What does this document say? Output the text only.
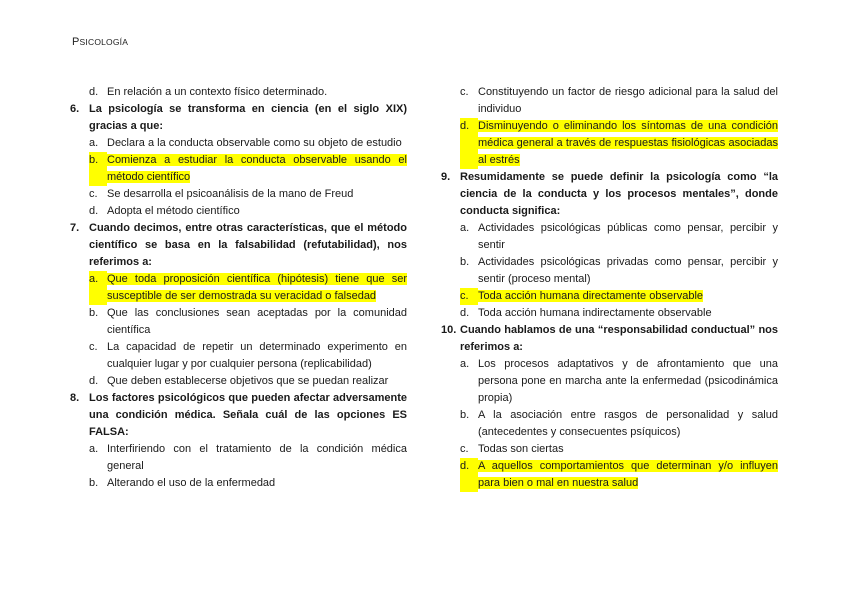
PSICOLOGÍA
d. En relación a un contexto físico determinado.
6. La psicología se transforma en ciencia (en el siglo XIX) gracias a que:
a. Declara a la conducta observable como su objeto de estudio
b. Comienza a estudiar la conducta observable usando el método científico
c. Se desarrolla el psicoanálisis de la mano de Freud
d. Adopta el método científico
7. Cuando decimos, entre otras características, que el método científico se basa en la falsabilidad (refutabilidad), nos referimos a:
a. Que toda proposición científica (hipótesis) tiene que ser susceptible de ser demostrada su veracidad o falsedad
b. Que las conclusiones sean aceptadas por la comunidad científica
c. La capacidad de repetir un determinado experimento en cualquier lugar y por cualquier persona (replicabilidad)
d. Que deben establecerse objetivos que se puedan realizar
8. Los factores psicológicos que pueden afectar adversamente una condición médica. Señala cuál de las opciones ES FALSA:
a. Interfiriendo con el tratamiento de la condición médica general
b. Alterando el uso de la enfermedad
c. Constituyendo un factor de riesgo adicional para la salud del individuo
d. Disminuyendo o eliminando los síntomas de una condición médica general a través de respuestas fisiológicas asociadas al estrés
9. Resumidamente se puede definir la psicología como “la ciencia de la conducta y los procesos mentales”, donde conducta significa:
a. Actividades psicológicas públicas como pensar, percibir y sentir
b. Actividades psicológicas privadas como pensar, percibir y sentir (proceso mental)
c. Toda acción humana directamente observable
d. Toda acción humana indirectamente observable
10. Cuando hablamos de una “responsabilidad conductual” nos referimos a:
a. Los procesos adaptativos y de afrontamiento que una persona pone en marcha ante la enfermedad (psicodinámica propia)
b. A la asociación entre rasgos de personalidad y salud (antecedentes y consecuentes psíquicos)
c. Todas son ciertas
d. A aquellos comportamientos que determinan y/o influyen para bien o mal en nuestra salud
